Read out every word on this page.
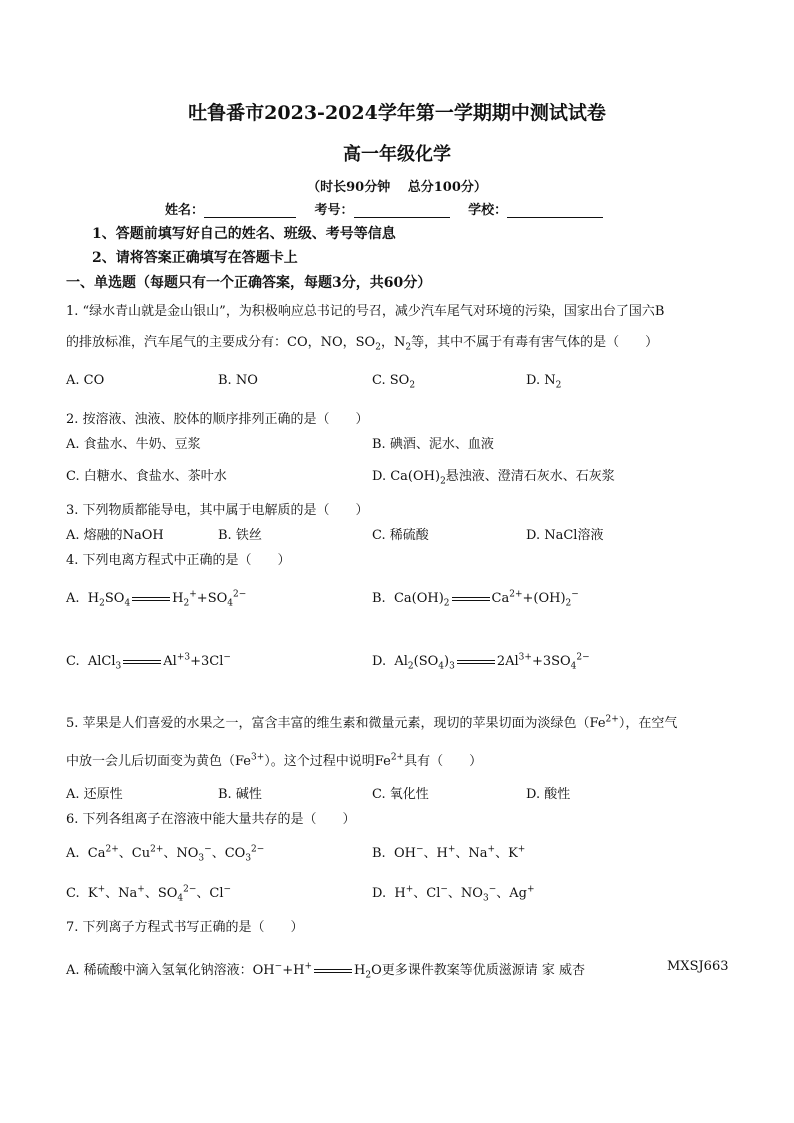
吐鲁番市2023-2024学年第一学期期中测试试卷
高一年级化学
（时长90分钟　 总分100分）
姓名：	考号：	学校：
1、答题前填写好自己的姓名、班级、考号等信息
2、请将答案正确填写在答题卡上
一、单选题（每题只有一个正确答案，每题3分，共60分）
1. “绿水青山就是金山银山”，为积极响应总书记的号召，减少汽车尾气对环境的污染，国家出台了国六B
的排放标准，汽车尾气的主要成分有：CO，NO，$SO_2$，$N_2$等，其中不属于有毒有害气体的是（　　）
A. CO	B. NO	C. $SO_2$	D. $N_2$
2. 按溶液、浊液、胶体的顺序排列正确的是（　　）
A. 食盐水、牛奶、豆浆	B. 碘酒、泥水、血液
C. 白糖水、食盐水、茶叶水	D. $Ca(OH)_2$悬浊液、澄清石灰水、石灰浆
3. 下列物质都能导电，其中属于电解质的是（　　）
A. 熔融的NaOH	B. 铁丝	C. 稀硫酸	D. NaCl溶液
4. 下列电离方程式中正确的是（　　）
A.  $H_2SO_4$	$H_2^++SO_4^{2-}$	B.  $Ca(OH)_2$	$Ca^{2+}+(OH)_2^-$
C.  AlCl$_3$	$Al^{+3}+3Cl^-$	D.  $Al_2(SO_4)_3$	$2Al^{3+}+3SO_4^{2-}$
5. 苹果是人们喜爱的水果之一，富含丰富的维生素和微量元素，现切的苹果切面为淡绿色$(Fe^{2+})$，在空气
中放一会儿后切面变为黄色$(Fe^{3+})$。这个过程中说明$Fe^{2+}$具有（　　）
A. 还原性	B. 碱性	C. 氧化性	D. 酸性
6. 下列各组离子在溶液中能大量共存的是（　　）
A.  $Ca^{2+}$、$Cu^{2+}$、$NO_3^-$、$CO_3^{2-}$	B.  OH−、H+、Na+、K+
C.  K+、Na+、$SO_4^{2-}$、Cl−	D.  H+、Cl−、$NO_3^-$、Ag+
7. 下列离子方程式书写正确的是（　　）
A. 稀硫酸中滴入氢氧化钠溶液：OH−+H+	$H_2O$更多课件教案等优质滋源请 家 威杏	MXSJ663
